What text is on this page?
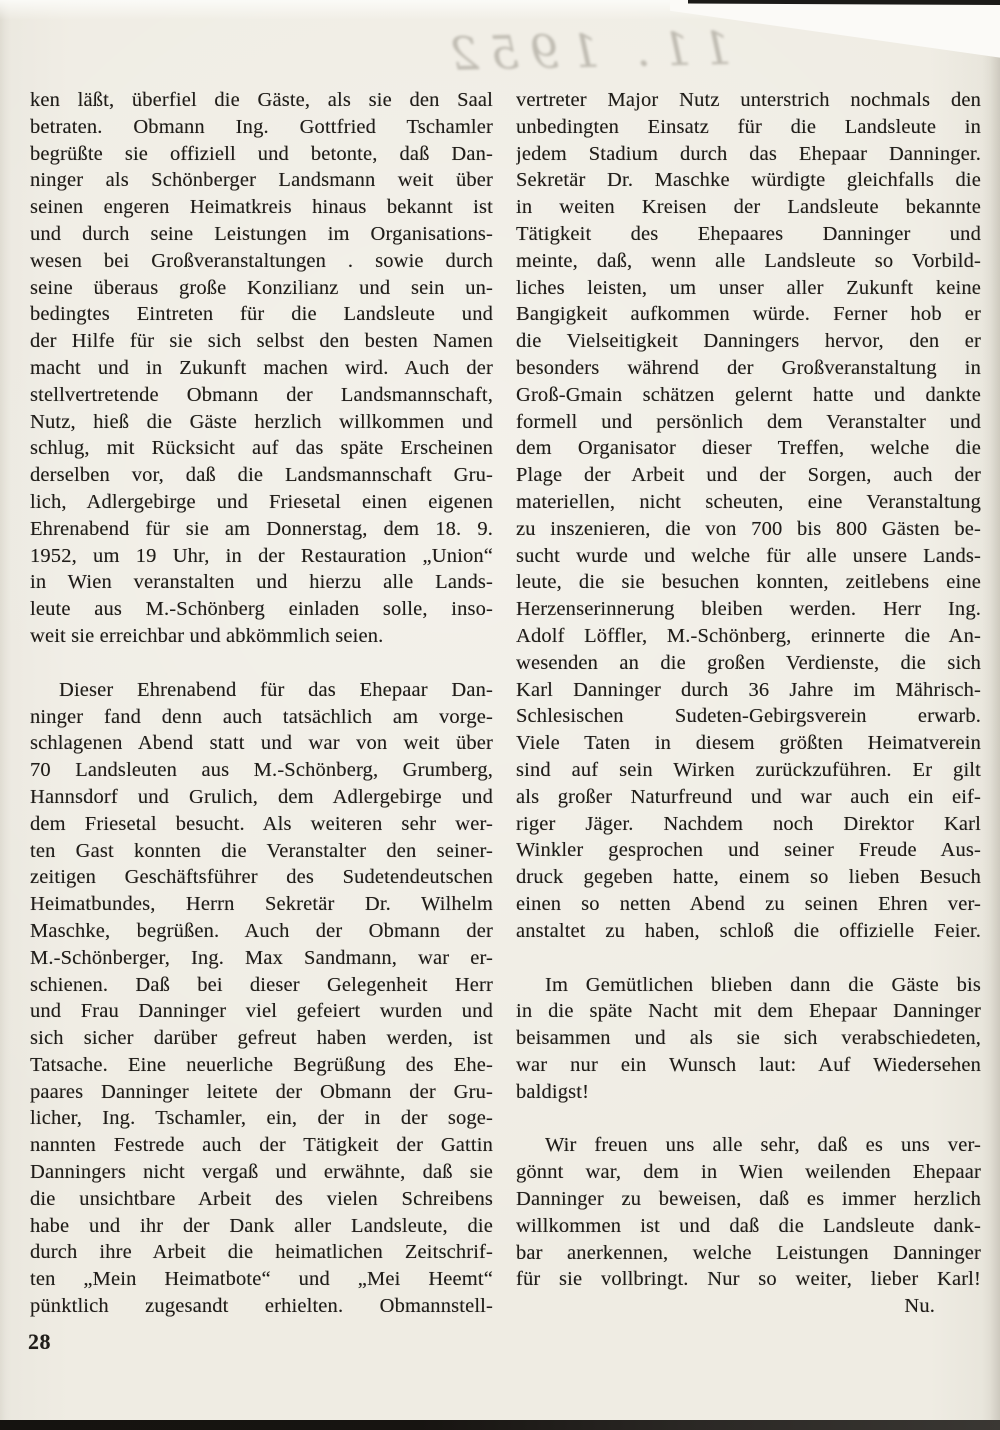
11. 1952
ken läßt, überfiel die Gäste, als sie den Saal
betraten. Obmann Ing. Gottfried Tschamler
begrüßte sie offiziell und betonte, daß Dan-
ninger als Schönberger Landsmann weit über
seinen engeren Heimatkreis hinaus bekannt ist
und durch seine Leistungen im Organisations-
wesen bei Großveranstaltungen . sowie durch
seine überaus große Konzilianz und sein un-
bedingtes Eintreten für die Landsleute und
der Hilfe für sie sich selbst den besten Namen
macht und in Zukunft machen wird. Auch der
stellvertretende Obmann der Landsmannschaft,
Nutz, hieß die Gäste herzlich willkommen und
schlug, mit Rücksicht auf das späte Erscheinen
derselben vor, daß die Landsmannschaft Gru-
lich, Adlergebirge und Friesetal einen eigenen
Ehrenabend für sie am Donnerstag, dem 18. 9.
1952, um 19 Uhr, in der Restauration „Union“
in Wien veranstalten und hierzu alle Lands-
leute aus M.-Schönberg einladen solle, inso-
weit sie erreichbar und abkömmlich seien.
Dieser Ehrenabend für das Ehepaar Dan-
ninger fand denn auch tatsächlich am vorge-
schlagenen Abend statt und war von weit über
70 Landsleuten aus M.-Schönberg, Grumberg,
Hannsdorf und Grulich, dem Adlergebirge und
dem Friesetal besucht. Als weiteren sehr wer-
ten Gast konnten die Veranstalter den seiner-
zeitigen Geschäftsführer des Sudetendeutschen
Heimatbundes, Herrn Sekretär Dr. Wilhelm
Maschke, begrüßen. Auch der Obmann der
M.-Schönberger, Ing. Max Sandmann, war er-
schienen. Daß bei dieser Gelegenheit Herr
und Frau Danninger viel gefeiert wurden und
sich sicher darüber gefreut haben werden, ist
Tatsache. Eine neuerliche Begrüßung des Ehe-
paares Danninger leitete der Obmann der Gru-
licher, Ing. Tschamler, ein, der in der soge-
nannten Festrede auch der Tätigkeit der Gattin
Danningers nicht vergaß und erwähnte, daß sie
die unsichtbare Arbeit des vielen Schreibens
habe und ihr der Dank aller Landsleute, die
durch ihre Arbeit die heimatlichen Zeitschrif-
ten „Mein Heimatbote“ und „Mei Heemt“
pünktlich zugesandt erhielten. Obmannstell-
vertreter Major Nutz unterstrich nochmals den
unbedingten Einsatz für die Landsleute in
jedem Stadium durch das Ehepaar Danninger.
Sekretär Dr. Maschke würdigte gleichfalls die
in weiten Kreisen der Landsleute bekannte
Tätigkeit des Ehepaares Danninger und
meinte, daß, wenn alle Landsleute so Vorbild-
liches leisten, um unser aller Zukunft keine
Bangigkeit aufkommen würde. Ferner hob er
die Vielseitigkeit Danningers hervor, den er
besonders während der Großveranstaltung in
Groß-Gmain schätzen gelernt hatte und dankte
formell und persönlich dem Veranstalter und
dem Organisator dieser Treffen, welche die
Plage der Arbeit und der Sorgen, auch der
materiellen, nicht scheuten, eine Veranstaltung
zu inszenieren, die von 700 bis 800 Gästen be-
sucht wurde und welche für alle unsere Lands-
leute, die sie besuchen konnten, zeitlebens eine
Herzenserinnerung bleiben werden. Herr Ing.
Adolf Löffler, M.-Schönberg, erinnerte die An-
wesenden an die großen Verdienste, die sich
Karl Danninger durch 36 Jahre im Mährisch-
Schlesischen Sudeten-Gebirgsverein erwarb.
Viele Taten in diesem größten Heimatverein
sind auf sein Wirken zurückzuführen. Er gilt
als großer Naturfreund und war auch ein eif-
riger Jäger. Nachdem noch Direktor Karl
Winkler gesprochen und seiner Freude Aus-
druck gegeben hatte, einem so lieben Besuch
einen so netten Abend zu seinen Ehren ver-
anstaltet zu haben, schloß die offizielle Feier.
Im Gemütlichen blieben dann die Gäste bis
in die späte Nacht mit dem Ehepaar Danninger
beisammen und als sie sich verabschiedeten,
war nur ein Wunsch laut: Auf Wiedersehen
baldigst!
Wir freuen uns alle sehr, daß es uns ver-
gönnt war, dem in Wien weilenden Ehepaar
Danninger zu beweisen, daß es immer herzlich
willkommen ist und daß die Landsleute dank-
bar anerkennen, welche Leistungen Danninger
für sie vollbringt. Nur so weiter, lieber Karl!
Nu.
28
